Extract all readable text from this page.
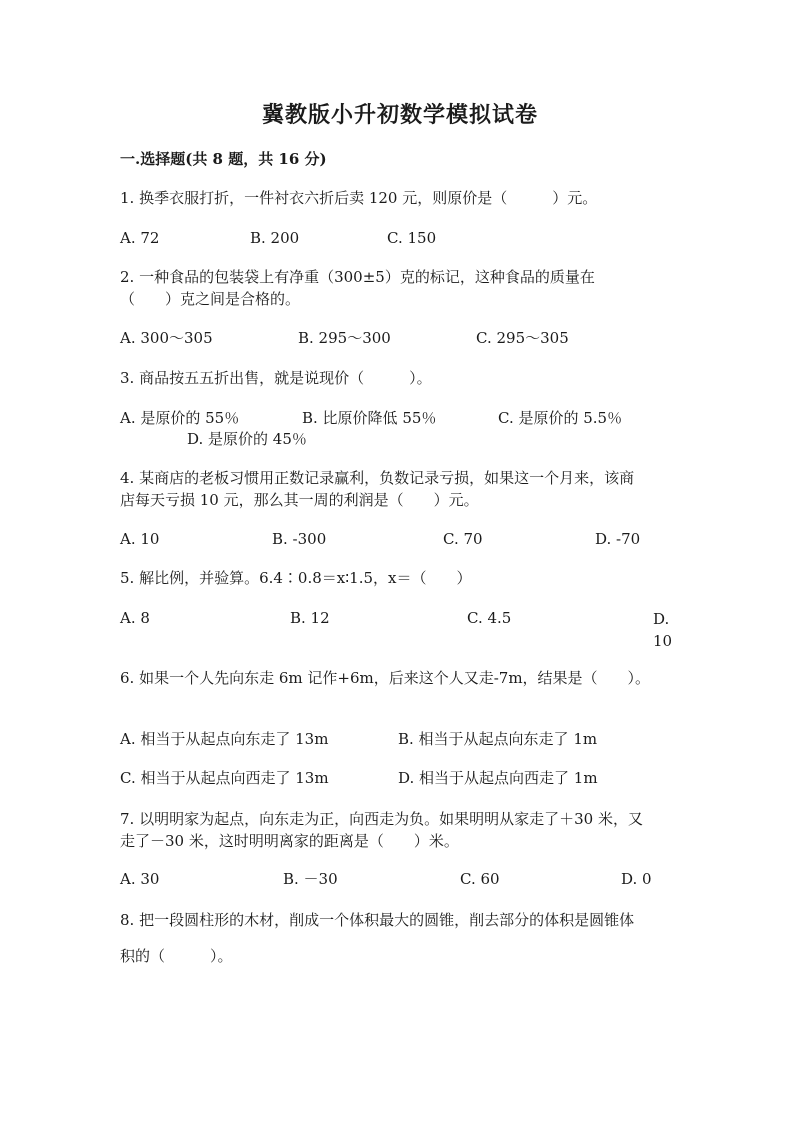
冀教版小升初数学模拟试卷
一.选择题(共 8 题，共 16 分)

1. 换季衣服打折，一件衬衣六折后卖 120 元，则原价是（　　　）元。

A. 72	B. 200	C. 150

2. 一种食品的包装袋上有净重（300±5）克的标记，这种食品的质量在
（　　）克之间是合格的。

A. 300～305	B. 295～300	C. 295～305

3. 商品按五五折出售，就是说现价（　　　）。

A. 是原价的 55％	B. 比原价降低 55％	C. 是原价的 5.5％
D. 是原价的 45％

4. 某商店的老板习惯用正数记录赢利，负数记录亏损，如果这一个月来，该商
店每天亏损 10 元，那么其一周的利润是（　　）元。

A. 10	B. -300	C. 70	D. -70

5. 解比例，并验算。6.4∶0.8＝x∶1.5，x＝（　　）

A. 8	B. 12	C. 4.5	D. 10

6. 如果一个人先向东走 6m 记作+6m，后来这个人又走-7m，结果是（　　）。

A. 相当于从起点向东走了 13m	B. 相当于从起点向东走了 1m
C. 相当于从起点向西走了 13m	D. 相当于从起点向西走了 1m

7. 以明明家为起点，向东走为正，向西走为负。如果明明从家走了＋30 米，又
走了－30 米，这时明明离家的距离是（　　）米。

A. 30	B. －30	C. 60	D. 0

8. 把一段圆柱形的木材，削成一个体积最大的圆锥，削去部分的体积是圆锥体
积的（　　　）。
